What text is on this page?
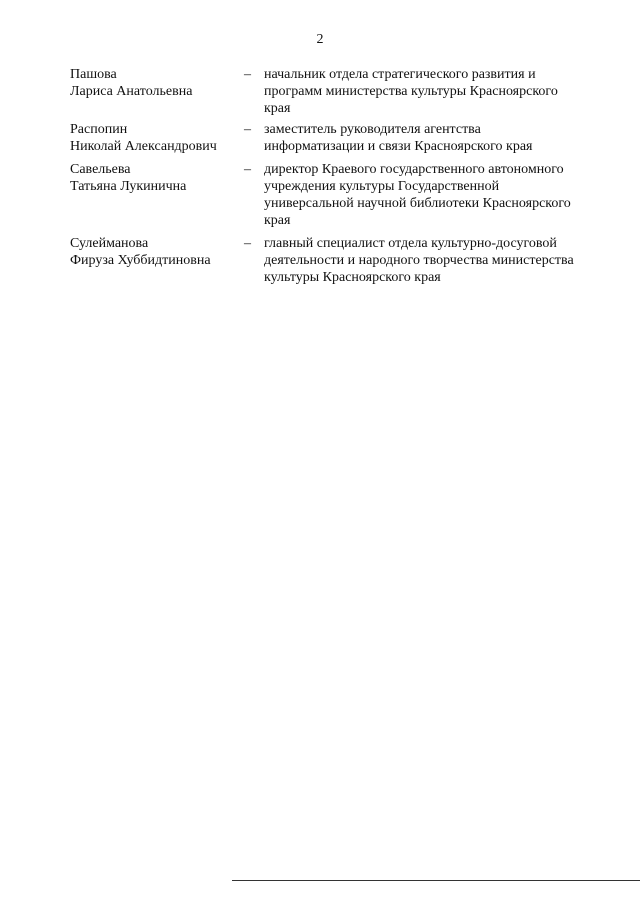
2
Пашова
Лариса Анатольевна
– начальник отдела стратегического развития и
программ министерства культуры Красноярского
края
Распопин
Николай Александрович
– заместитель руководителя агентства
информатизации и связи Красноярского края
Савельева
Татьяна Лукинична
– директор Краевого государственного автономного
учреждения культуры Государственной
универсальной научной библиотеки Красноярского
края
Сулейманова
Фируза Хуббидтиновна
– главный специалист отдела культурно-досуговой
деятельности и народного творчества министерства
культуры Красноярского края
